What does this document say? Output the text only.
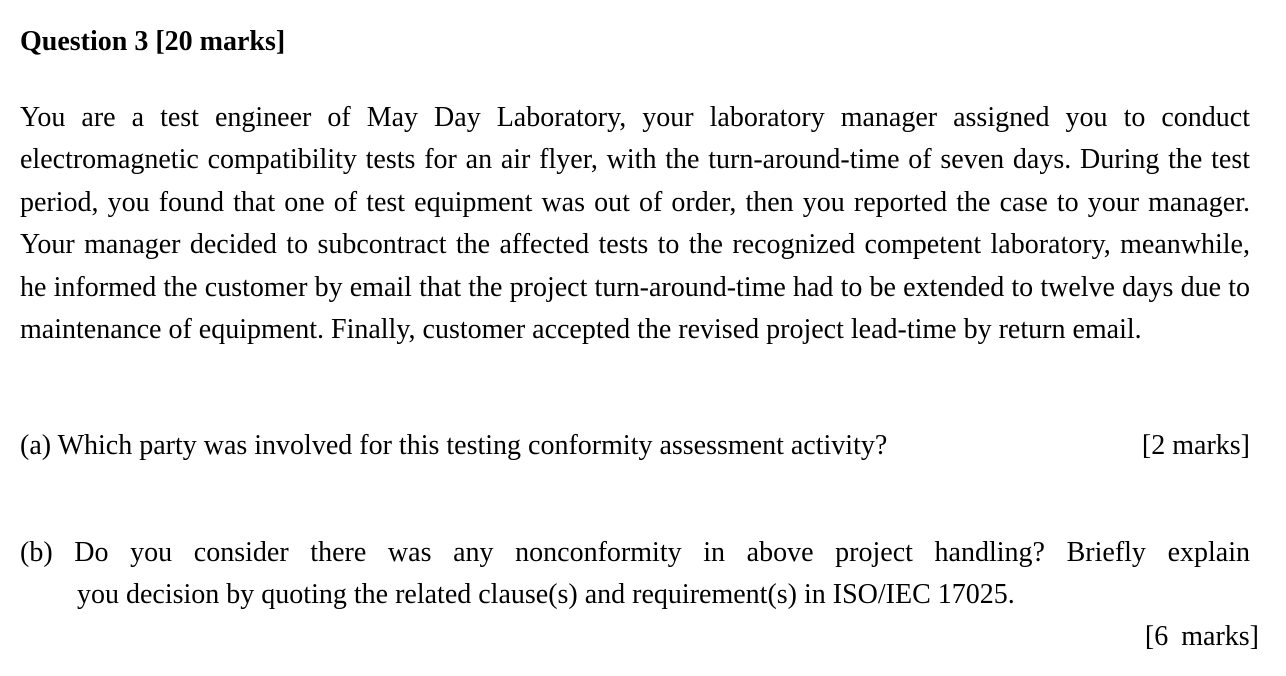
Question 3 [20 marks]
You are a test engineer of May Day Laboratory, your laboratory manager assigned you to conduct electromagnetic compatibility tests for an air flyer, with the turn-around-time of seven days. During the test period, you found that one of test equipment was out of order, then you reported the case to your manager. Your manager decided to subcontract the affected tests to the recognized competent laboratory, meanwhile, he informed the customer by email that the project turn-around-time had to be extended to twelve days due to maintenance of equipment. Finally, customer accepted the revised project lead-time by return email.
(a) Which party was involved for this testing conformity assessment activity?	[2 marks]
(b) Do you consider there was any nonconformity in above project handling? Briefly explain
you decision by quoting the related clause(s) and requirement(s) in ISO/IEC 17025.
[6 marks]
